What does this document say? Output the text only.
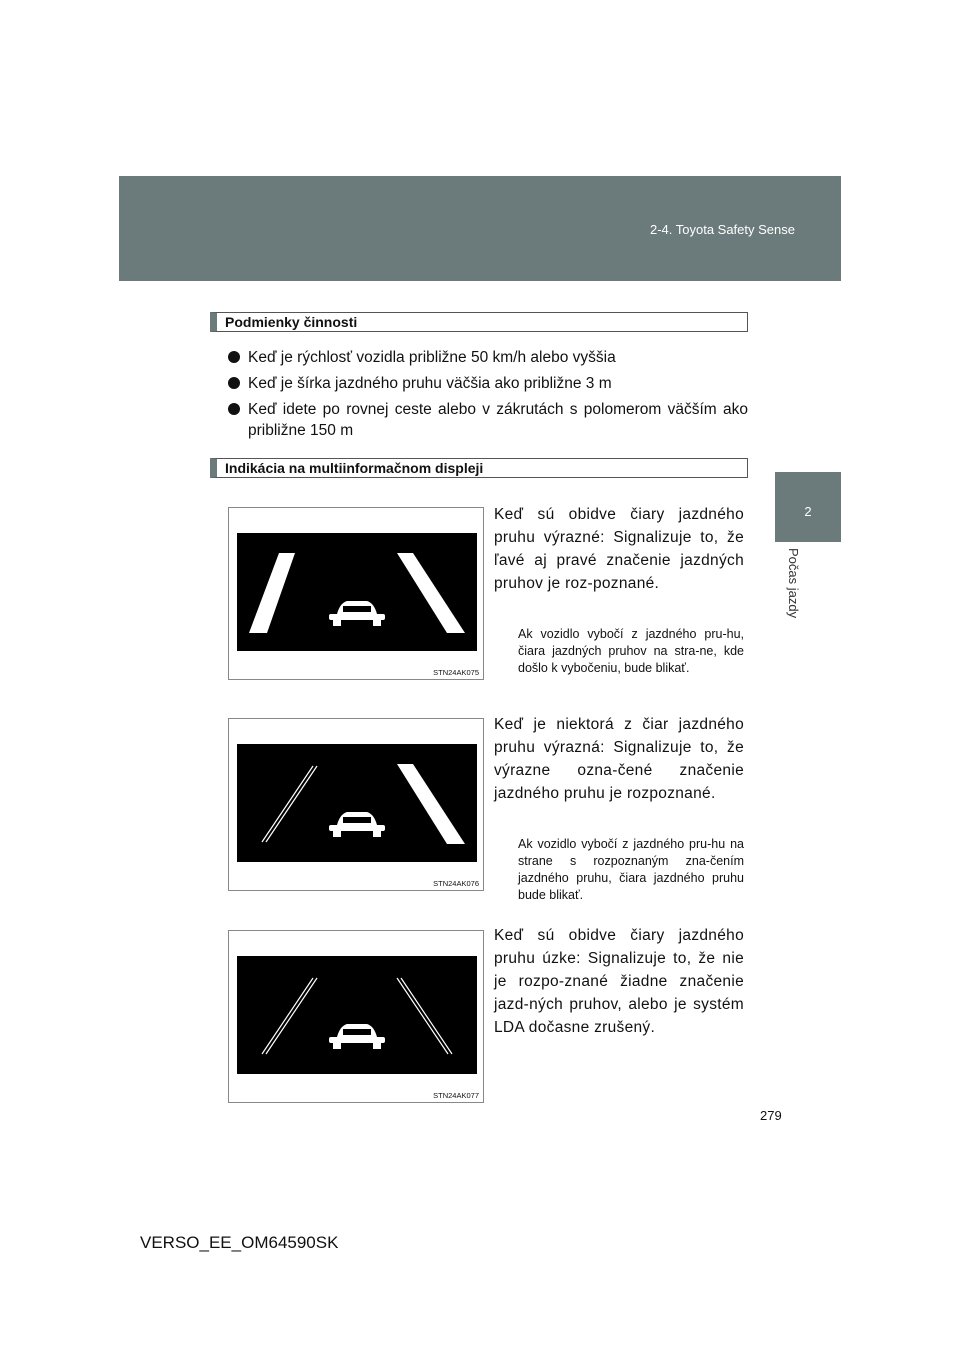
2-4. Toyota Safety Sense
2
Počas jazdy
Podmienky činnosti
Keď je rýchlosť vozidla približne 50 km/h alebo vyššia
Keď je šírka jazdného pruhu väčšia ako približne 3 m
Keď idete po rovnej ceste alebo v zákrutách s polomerom väčším ako približne 150 m
Indikácia na multiinformačnom displeji
STN24AK075
Keď sú obidve čiary jazdného pruhu výrazné: Signalizuje to, že ľavé aj pravé značenie jazdných pruhov je roz-poznané.
Ak vozidlo vybočí z jazdného pru-hu, čiara jazdných pruhov na stra-ne, kde došlo k vybočeniu, bude blikať.
STN24AK076
Keď je niektorá z čiar jazdného pruhu výrazná: Signalizuje to, že výrazne ozna-čené značenie jazdného pruhu je rozpoznané.
Ak vozidlo vybočí z jazdného pru-hu na strane s rozpoznaným zna-čením jazdného pruhu, čiara jazdného pruhu bude blikať.
STN24AK077
Keď sú obidve čiary jazdného pruhu úzke: Signalizuje to, že nie je rozpo-znané žiadne značenie jazd-ných pruhov, alebo je systém LDA dočasne zrušený.
279
VERSO_EE_OM64590SK
